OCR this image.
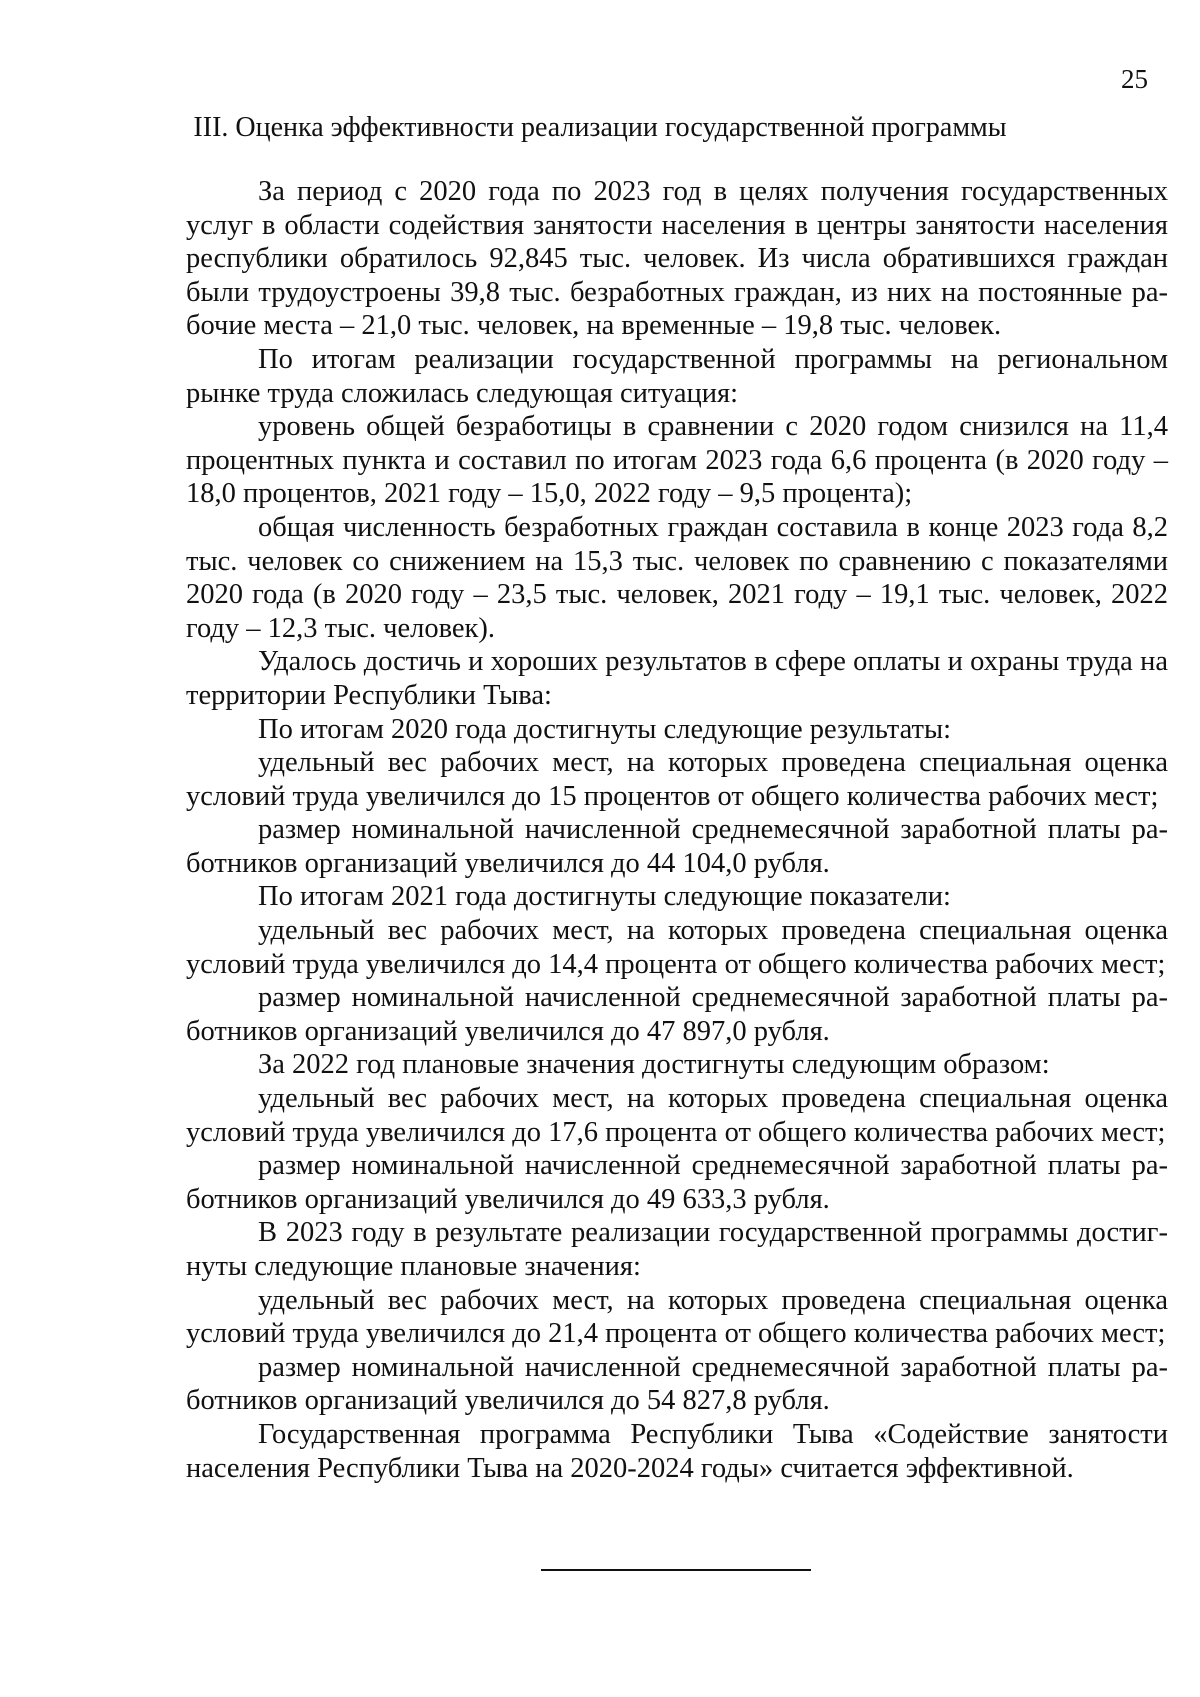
25
III. Оценка эффективности реализации государственной программы

За период с 2020 года по 2023 год в целях получения государственных услуг в области содействия занятости населения в центры занятости населения республики обратилось 92,845 тыс. человек. Из числа обратившихся граждан были трудоустроены 39,8 тыс. безработных граждан, из них на постоянные рабочие места – 21,0 тыс. человек, на временные – 19,8 тыс. человек.

По итогам реализации государственной программы на региональном рынке труда сложилась следующая ситуация:

уровень общей безработицы в сравнении с 2020 годом снизился на 11,4 процентных пункта и составил по итогам 2023 года 6,6 процента (в 2020 году – 18,0 процентов, 2021 году – 15,0, 2022 году – 9,5 процента);

общая численность безработных граждан составила в конце 2023 года 8,2 тыс. человек со снижением на 15,3 тыс. человек по сравнению с показателями 2020 года (в 2020 году – 23,5 тыс. человек, 2021 году – 19,1 тыс. человек, 2022 году – 12,3 тыс. человек).

Удалось достичь и хороших результатов в сфере оплаты и охраны труда на территории Республики Тыва:

По итогам 2020 года достигнуты следующие результаты:

удельный вес рабочих мест, на которых проведена специальная оценка условий труда увеличился до 15 процентов от общего количества рабочих мест;

размер номинальной начисленной среднемесячной заработной платы работников организаций увеличился до 44 104,0 рубля.

По итогам 2021 года достигнуты следующие показатели:

удельный вес рабочих мест, на которых проведена специальная оценка условий труда увеличился до 14,4 процента от общего количества рабочих мест;

размер номинальной начисленной среднемесячной заработной платы работников организаций увеличился до 47 897,0 рубля.

За 2022 год плановые значения достигнуты следующим образом:

удельный вес рабочих мест, на которых проведена специальная оценка условий труда увеличился до 17,6 процента от общего количества рабочих мест;

размер номинальной начисленной среднемесячной заработной платы работников организаций увеличился до 49 633,3 рубля.

В 2023 году в результате реализации государственной программы достигнуты следующие плановые значения:

удельный вес рабочих мест, на которых проведена специальная оценка условий труда увеличился до 21,4 процента от общего количества рабочих мест;

размер номинальной начисленной среднемесячной заработной платы работников организаций увеличился до 54 827,8 рубля.

Государственная программа Республики Тыва «Содействие занятости населения Республики Тыва на 2020-2024 годы» считается эффективной.
